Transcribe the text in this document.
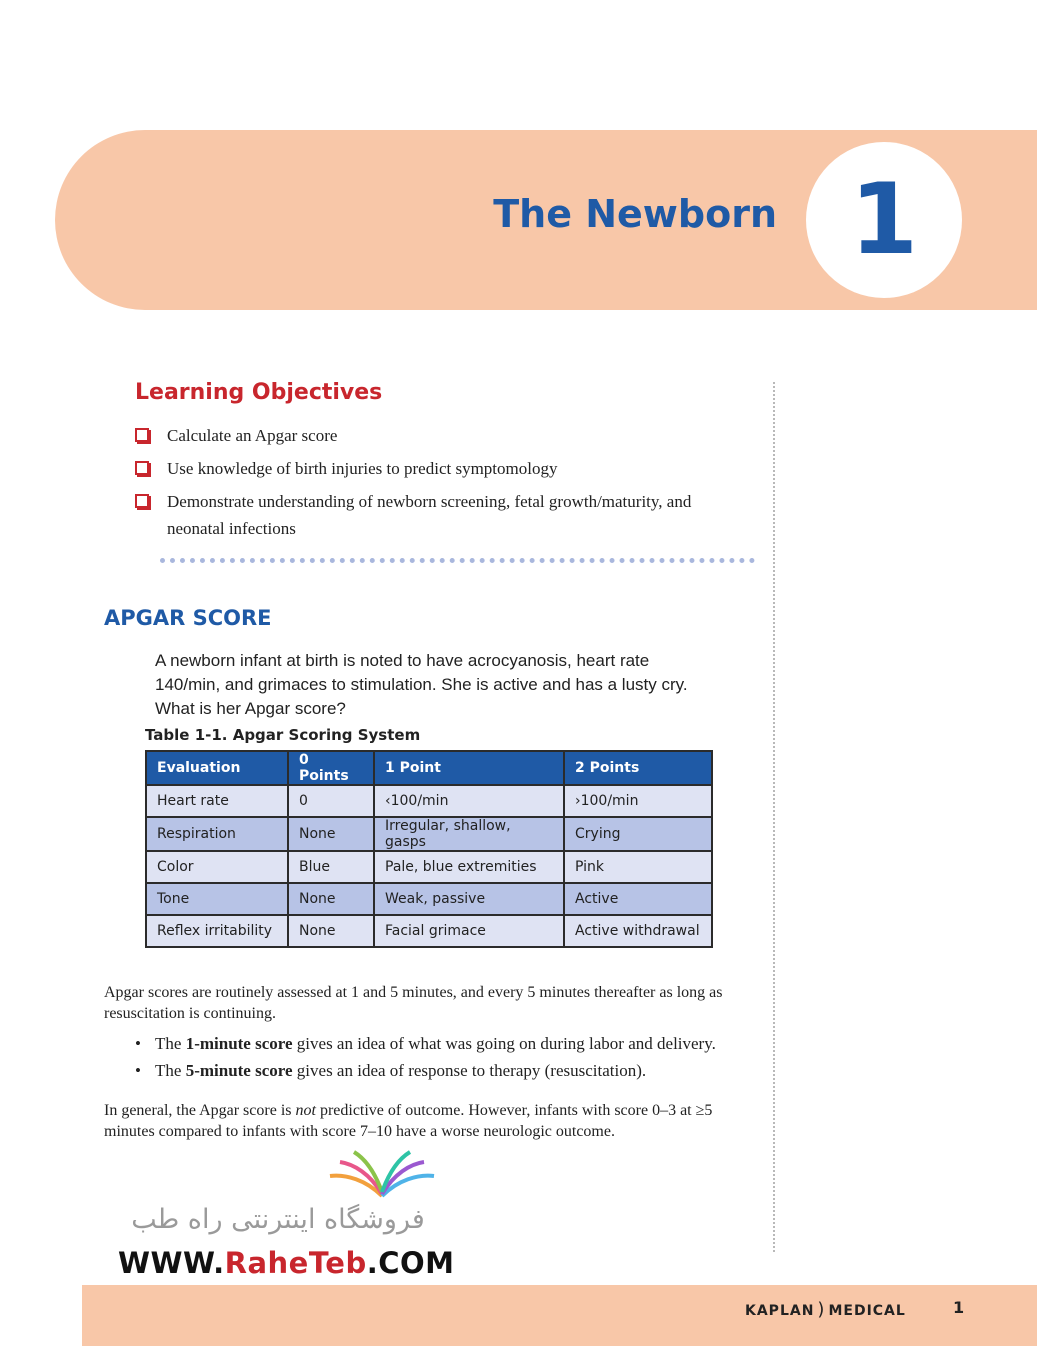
The Newborn 1
Learning Objectives
Calculate an Apgar score
Use knowledge of birth injuries to predict symptomology
Demonstrate understanding of newborn screening, fetal growth/maturity, and neonatal infections
APGAR SCORE
A newborn infant at birth is noted to have acrocyanosis, heart rate 140/min, and grimaces to stimulation. She is active and has a lusty cry. What is her Apgar score?
Table 1-1. Apgar Scoring System
Evaluation	0 Points	1 Point	2 Points
Heart rate	0	‹100/min	›100/min
Respiration	None	Irregular, shallow, gasps	Crying
Color	Blue	Pale, blue extremities	Pink
Tone	None	Weak, passive	Active
Reflex irritability	None	Facial grimace	Active withdrawal
Apgar scores are routinely assessed at 1 and 5 minutes, and every 5 minutes thereafter as long as resuscitation is continuing.
• The 1-minute score gives an idea of what was going on during labor and delivery.
• The 5-minute score gives an idea of response to therapy (resuscitation).
In general, the Apgar score is not predictive of outcome. However, infants with score 0–3 at ≥5 minutes compared to infants with score 7–10 have a worse neurologic outcome.
فروشگاه اینترنتی راه طب
WWW.RaheTeb.COM
KAPLAN ) MEDICAL	1
